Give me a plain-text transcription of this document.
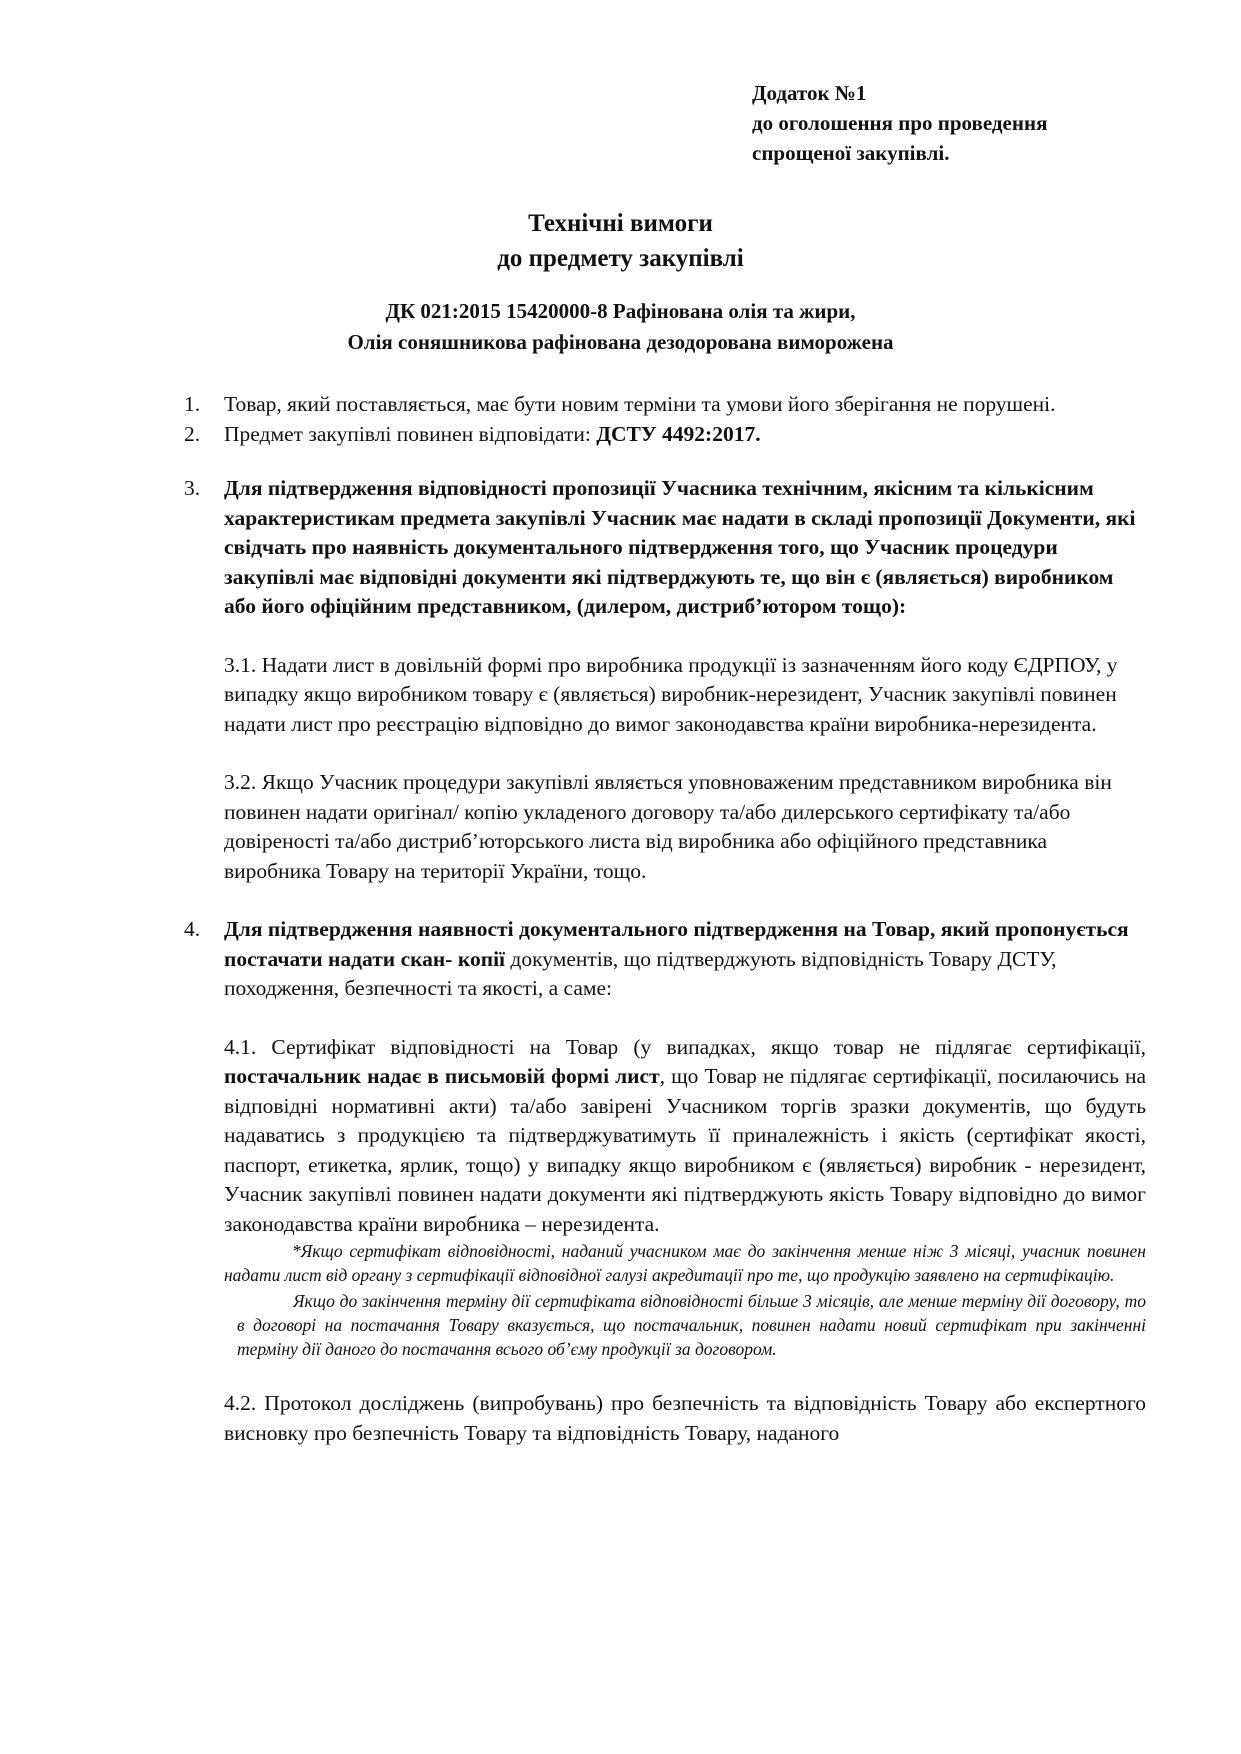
Додаток №1
до оголошення про проведення
спрощеної закупівлі.
Технічні вимоги
до предмету закупівлі
ДК 021:2015 15420000-8 Рафінована олія та жири,
Олія соняшникова рафінована дезодорована виморожена
1. Товар, який поставляється, має бути новим терміни та умови його зберігання не порушені.
2. Предмет закупівлі повинен відповідати: ДСТУ 4492:2017.
3. Для підтвердження відповідності пропозиції Учасника технічним, якісним та кількісним характеристикам предмета закупівлі Учасник має надати в складі пропозиції Документи, які свідчать про наявність документального підтвердження того, що Учасник процедури закупівлі має відповідні документи які підтверджують те, що він є (являється) виробником або його офіційним представником, (дилером, дистриб’ютором тощо):
3.1. Надати лист в довільній формі про виробника продукції із зазначенням його коду ЄДРПОУ, у випадку якщо виробником товару є (являється) виробник-нерезидент, Учасник закупівлі повинен надати лист про реєстрацію відповідно до вимог законодавства країни виробника-нерезидента.
3.2. Якщо Учасник процедури закупівлі являється уповноваженим представником виробника він повинен надати оригінал/ копію укладеного договору та/або дилерського сертифікату та/або довіреності та/або дистриб’юторського листа від виробника або офіційного представника виробника Товару на території України, тощо.
4. Для підтвердження наявності документального підтвердження на Товар, який пропонується постачати надати скан- копії документів, що підтверджують відповідність Товару ДСТУ, походження, безпечності та якості, а саме:
4.1. Сертифікат відповідності на Товар (у випадках, якщо товар не підлягає сертифікації, постачальник надає в письмовій формі лист, що Товар не підлягає сертифікації, посилаючись на відповідні нормативні акти) та/або завірені Учасником торгів зразки документів, що будуть надаватись з продукцією та підтверджуватимуть її приналежність і якість (сертифікат якості, паспорт, етикетка, ярлик, тощо) у випадку якщо виробником є (являється) виробник - нерезидент, Учасник закупівлі повинен надати документи які підтверджують якість Товару відповідно до вимог законодавства країни виробника – нерезидента.
*Якщо сертифікат відповідності, наданий учасником має до закінчення менше ніж 3 місяці, учасник повинен надати лист від органу з сертифікації відповідної галузі акредитації про те, що продукцію заявлено на сертифікацію.
Якщо до закінчення терміну дії сертифіката відповідності більше 3 місяців, але менше терміну дії договору, то в договорі на постачання Товару вказується, що постачальник, повинен надати новий сертифікат при закінченні терміну дії даного до постачання всього об’єму продукції за договором.
4.2. Протокол досліджень (випробувань) про безпечність та відповідність Товару або експертного висновку про безпечність Товару та відповідність Товару, наданого
